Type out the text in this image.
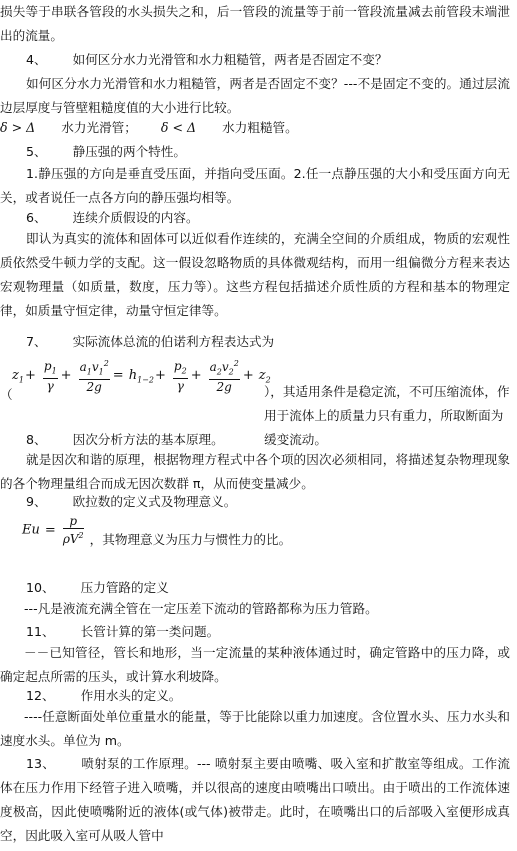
损失等于串联各管段的水头损失之和，后一管段的流量等于前一管段流量减去前管段末端泄出的流量。
4、 如何区分水力光滑管和水力粗糙管，两者是否固定不变？
如何区分水力光滑管和水力粗糙管，两者是否固定不变？---不是固定不变的。通过层流边层厚度与管壁粗糙度值的大小进行比较。
δ > Δ 水力光滑管； δ < Δ 水力粗糙管。
5、 静压强的两个特性。
1.静压强的方向是垂直受压面，并指向受压面。2.任一点静压强的大小和受压面方向无关，或者说任一点各方向的静压强均相等。
6、 连续介质假设的内容。
即认为真实的流体和固体可以近似看作连续的，充满全空间的介质组成，物质的宏观性质依然受牛顿力学的支配。这一假设忽略物质的具体微观结构，而用一组偏微分方程来表达宏观物理量（如质量，数度，压力等）。这些方程包括描述介质性质的方程和基本的物理定律，如质量守恒定律，动量守恒定律等。
7、 实际流体总流的伯诺利方程表达式为
（
$z_1+ \frac{p_1}{\gamma} + \frac{a_1v_1^2}{2g} = h_{1-2}+ \frac{p_2}{\gamma} + \frac{a_2v_2^2}{2g} + z_2$
），其适用条件是稳定流，不可压缩流体，作用于流体上的质量力只有重力，所取断面为缓变流动。
8、 因次分析方法的基本原理。
就是因次和谐的原理，根据物理方程式中各个项的因次必须相同，将描述复杂物理现象的各个物理量组合而成无因次数群 π，从而使变量减少。
9、 欧拉数的定义式及物理意义。
$Eu = \frac{p}{\rho V^2}$ ，其物理意义为压力与惯性力的比。
10、 压力管路的定义
---凡是液流充满全管在一定压差下流动的管路都称为压力管路。
11、 长管计算的第一类问题。
－－已知管径，管长和地形，当一定流量的某种液体通过时，确定管路中的压力降，或确定起点所需的压头，或计算水利坡降。
12、 作用水头的定义。
----任意断面处单位重量水的能量，等于比能除以重力加速度。含位置水头、压力水头和速度水头。单位为 m。
13、 喷射泵的工作原理。--- 喷射泵主要由喷嘴、吸入室和扩散室等组成。工作流体在压力作用下经管子进入喷嘴，并以很高的速度由喷嘴出口喷出。由于喷出的工作流体速度极高，因此使喷嘴附近的液体(或气体)被带走。此时，在喷嘴出口的后部吸入室便形成真空，因此吸入室可从吸人管中
